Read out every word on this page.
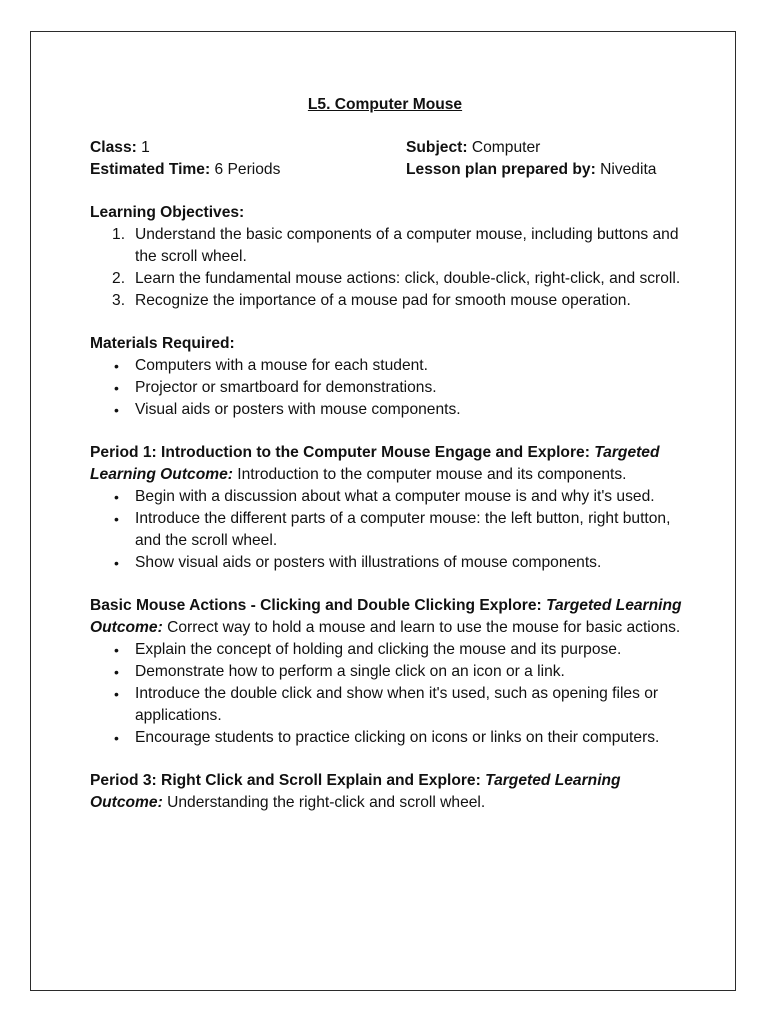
L5. Computer Mouse
Class: 1	Subject: Computer
Estimated Time: 6 Periods	Lesson plan prepared by: Nivedita

Learning Objectives:

Understand the basic components of a computer mouse, including buttons and the scroll wheel.
Learn the fundamental mouse actions: click, double-click, right-click, and scroll.
Recognize the importance of a mouse pad for smooth mouse operation.

Materials Required:

• Computers with a mouse for each student.
• Projector or smartboard for demonstrations.
• Visual aids or posters with mouse components.

Period 1: Introduction to the Computer Mouse Engage and Explore: Targeted Learning Outcome: Introduction to the computer mouse and its components.

• Begin with a discussion about what a computer mouse is and why it's used.
• Introduce the different parts of a computer mouse: the left button, right button, and the scroll wheel.
• Show visual aids or posters with illustrations of mouse components.

Basic Mouse Actions - Clicking and Double Clicking Explore: Targeted Learning Outcome: Correct way to hold a mouse and learn to use the mouse for basic actions.

• Explain the concept of holding and clicking the mouse and its purpose.
• Demonstrate how to perform a single click on an icon or a link.
• Introduce the double click and show when it's used, such as opening files or applications.
• Encourage students to practice clicking on icons or links on their computers.

Period 3: Right Click and Scroll Explain and Explore: Targeted Learning Outcome: Understanding the right-click and scroll wheel.
